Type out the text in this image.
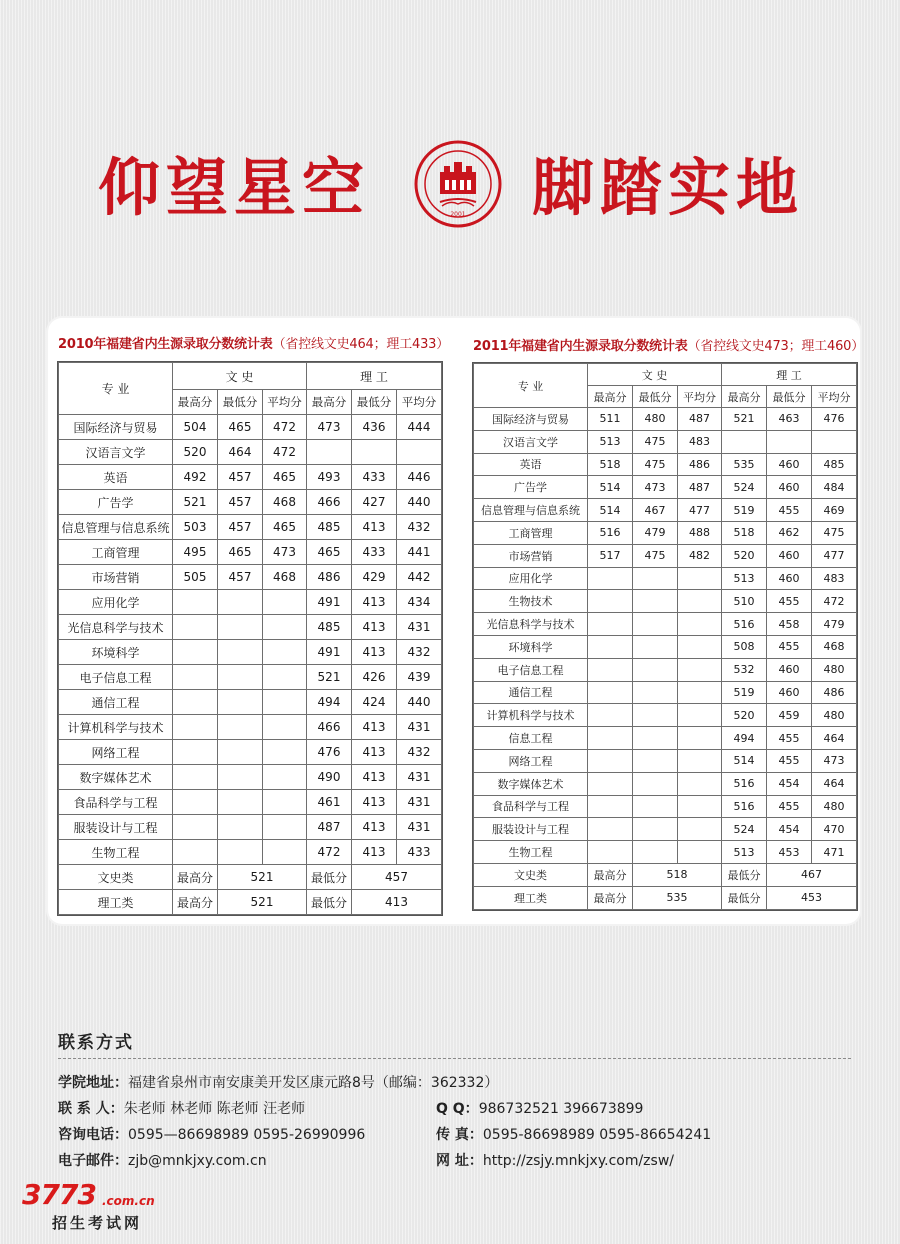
仰望星空	2001 脚踏实地
2010年福建省内生源录取分数统计表（省控线文史464；理工433） 2011年福建省内生源录取分数统计表（省控线文史473；理工460）
专 业	文 史			理 工		
	最高分	最低分	平均分	最高分	最低分	平均分
国际经济与贸易	504	465	472	473	436	444
汉语言文学	520	464	472			
英语	492	457	465	493	433	446
广告学	521	457	468	466	427	440
信息管理与信息系统	503	457	465	485	413	432
工商管理	495	465	473	465	433	441
市场营销	505	457	468	486	429	442
应用化学				491	413	434
光信息科学与技术				485	413	431
环境科学				491	413	432
电子信息工程				521	426	439
通信工程				494	424	440
计算机科学与技术				466	413	431
网络工程				476	413	432
数字媒体艺术				490	413	431
食品科学与工程				461	413	431
服装设计与工程				487	413	431
生物工程				472	413	433
文史类	最高分	521		最低分	457	
理工类	最高分	521		最低分	413	
专 业	文 史			理 工		
	最高分	最低分	平均分	最高分	最低分	平均分
国际经济与贸易	511	480	487	521	463	476
汉语言文学	513	475	483			
英语	518	475	486	535	460	485
广告学	514	473	487	524	460	484
信息管理与信息系统	514	467	477	519	455	469
工商管理	516	479	488	518	462	475
市场营销	517	475	482	520	460	477
应用化学				513	460	483
生物技术				510	455	472
光信息科学与技术				516	458	479
环境科学				508	455	468
电子信息工程				532	460	480
通信工程				519	460	486
计算机科学与技术				520	459	480
信息工程				494	455	464
网络工程				514	455	473
数字媒体艺术				516	454	464
食品科学与工程				516	455	480
服装设计与工程				524	454	470
生物工程				513	453	471
文史类	最高分	518		最低分	467	
理工类	最高分	535		最低分	453	
联系方式
学院地址：福建省泉州市南安康美开发区康元路8号（邮编：362332）
联 系 人：朱老师 林老师 陈老师 汪老师	Q Q：986732521 396673899
咨询电话：0595—86698989 0595-26990996	传 真：0595-86698989 0595-86654241
电子邮件：zjb@mnkjxy.com.cn	网 址：http://zsjy.mnkjxy.com/zsw/
3773 .com.cn
招生考试网
